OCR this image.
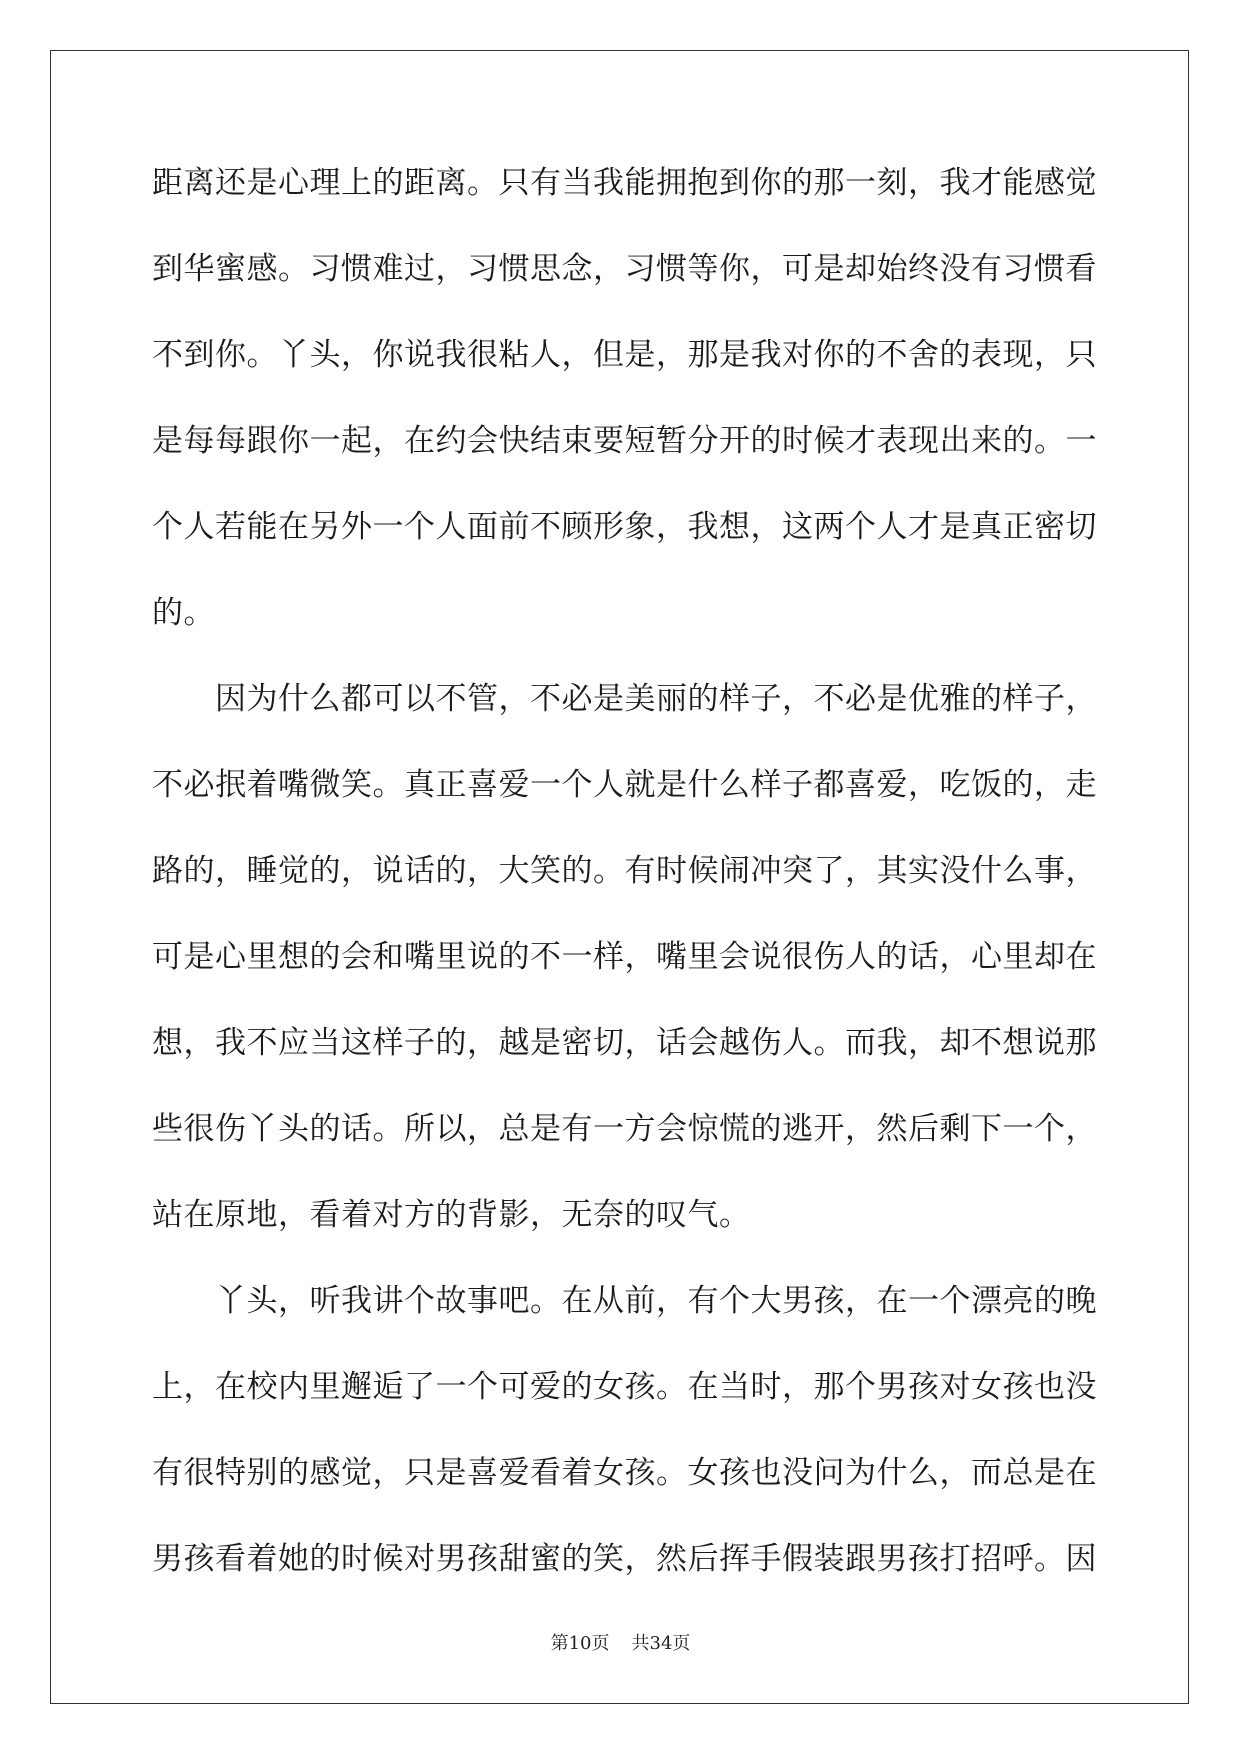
距离还是心理上的距离。只有当我能拥抱到你的那一刻，我才能感觉
到华蜜感。习惯难过，习惯思念，习惯等你，可是却始终没有习惯看
不到你。丫头，你说我很粘人，但是，那是我对你的不舍的表现，只
是每每跟你一起，在约会快结束要短暂分开的时候才表现出来的。一
个人若能在另外一个人面前不顾形象，我想，这两个人才是真正密切
的。
　　因为什么都可以不管，不必是美丽的样子，不必是优雅的样子，
不必抿着嘴微笑。真正喜爱一个人就是什么样子都喜爱，吃饭的，走
路的，睡觉的，说话的，大笑的。有时候闹冲突了，其实没什么事，
可是心里想的会和嘴里说的不一样，嘴里会说很伤人的话，心里却在
想，我不应当这样子的，越是密切，话会越伤人。而我，却不想说那
些很伤丫头的话。所以，总是有一方会惊慌的逃开，然后剩下一个，
站在原地，看着对方的背影，无奈的叹气。
　　丫头，听我讲个故事吧。在从前，有个大男孩，在一个漂亮的晚
上，在校内里邂逅了一个可爱的女孩。在当时，那个男孩对女孩也没
有很特别的感觉，只是喜爱看着女孩。女孩也没问为什么，而总是在
男孩看着她的时候对男孩甜蜜的笑，然后挥手假装跟男孩打招呼。因
第10页 共34页
